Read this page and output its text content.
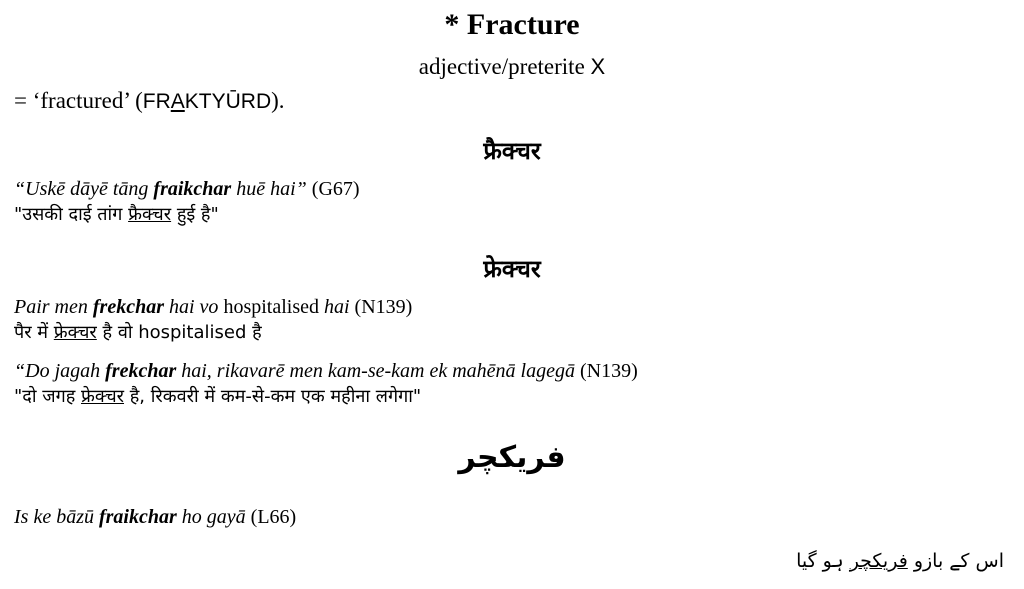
* Fracture
adjective/preterite X
= ‘fractured’ (FRAKTYŪRD).
फ्रैक्चर
“Uskē dāyē tāng fraikchar huē hai” (G67)
"उसकी दाई तांग फ्रैक्चर हुई है"
फ्रेक्चर
Pair men frekchar hai vo hospitalised hai (N139)
पैर में फ्रेक्चर है वो hospitalised है
“Do jagah frekchar hai, rikavarē men kam-se-kam ek mahēnā lagegā (N139)
"दो जगह फ्रेक्चर है, रिकवरी में कम-से-कम एक महीना लगेगा"
فریکچر
Is ke bāzū fraikchar ho gayā (L66)
اس کے بازو فریکچر ہو گیا
